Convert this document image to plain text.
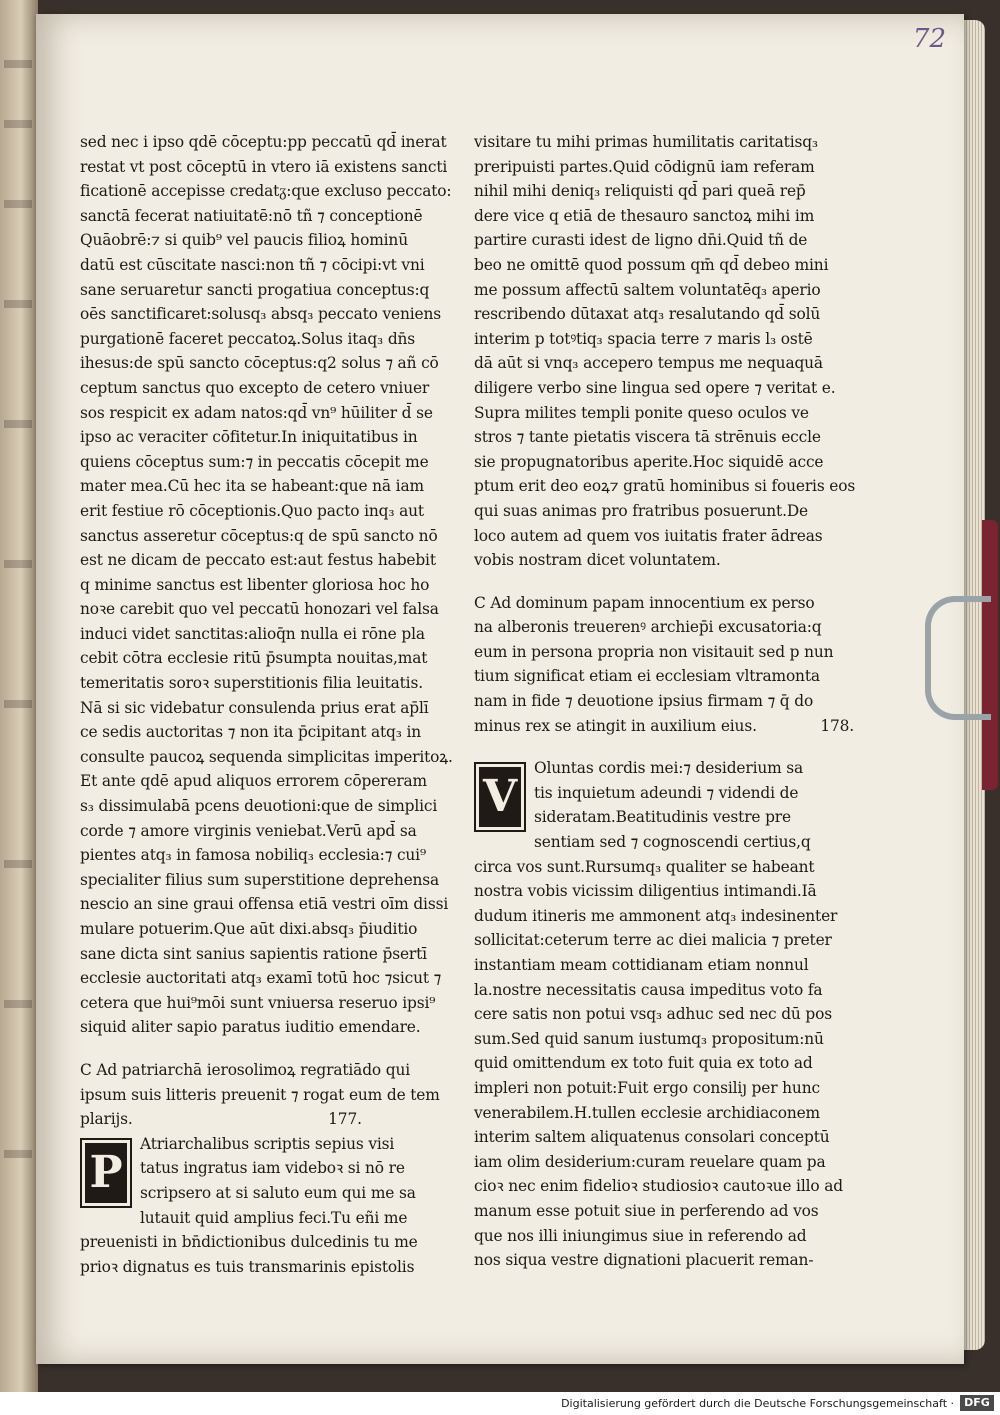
72
sed nec i ipso qdē cōceptu:pp peccatū qd̄ inerat
restat vt post cōceptū in vtero iā existens sancti
ficationē accepisse credatᵹ:que excluso peccato:
sanctā fecerat natiuitatē:nō tñ ⁊ conceptionē
Quāobrē:⁊ si quib⁹ vel paucis filioꝝ hominū
datū est cūscitate nasci:non tñ ⁊ cōcipi:vt vni
sane seruaretur sancti progatiua conceptus:q
oēs sanctificaret:solusq₃ absq₃ peccato veniens
purgationē faceret peccatoꝝ.Solus itaq₃ dn̄s
ihesus:de spū sancto cōceptus:q2 solus ⁊ añ cō
ceptum sanctus quo excepto de cetero vniuer
sos respicit ex adam natos:qd̄ vn⁹ hūiliter d̄ se
ipso ac veraciter cōfitetur.In iniquitatibus in
quiens cōceptus sum:⁊ in peccatis cōcepit me
mater mea.Cū hec ita se habeant:que nā iam
erit festiue rō cōceptionis.Quo pacto inq₃ aut
sanctus asseretur cōceptus:q de spū sancto nō
est ne dicam de peccato est:aut festus habebit
q minime sanctus est libenter gloriosa hoc ho
noꝛe carebit quo vel peccatū honozari vel falsa
induci videt sanctitas:alioq̄n nulla ei rōne pla
cebit cōtra ecclesie ritū p̄sumpta nouitas,mat
temeritatis soroꝛ superstitionis filia leuitatis.
Nā si sic videbatur consulenda prius erat ap̄lī
ce sedis auctoritas ⁊ non ita p̄cipitant atq₃ in
consulte paucoꝝ sequenda simplicitas imperitoꝝ.
Et ante qdē apud aliquos errorem cōpereram
s₃ dissimulabā pcens deuotioni:que de simplici
corde ⁊ amore virginis veniebat.Verū apd̄ sa
pientes atq₃ in famosa nobiliq₃ ecclesia:⁊ cui⁹
specialiter filius sum superstitione deprehensa
nescio an sine graui offensa etiā vestri oīm dissi
mulare potuerim.Que aūt dixi.absq₃ p̄iuditio
sane dicta sint sanius sapientis ratione p̄sertī
ecclesie auctoritati atq₃ examī totū hoc ⁊sicut ⁊
cetera que hui⁹mōi sunt vniuersa reseruo ipsi⁹
siquid aliter sapio paratus iuditio emendare.
C Ad patriarchā ierosolimoꝝ regratiādo qui
ipsum suis litteris preuenit ⁊ rogat eum de tem
plarijs.	177.
P
Atriarchalibus scriptis sepius visi
tatus ingratus iam videboꝛ si nō re
scripsero at si saluto eum qui me sa
lutauit quid amplius feci.Tu eñi me
preuenisti in bn̄dictionibus dulcedinis tu me
prioꝛ dignatus es tuis transmarinis epistolis
visitare tu mihi primas humilitatis caritatisq₃
preripuisti partes.Quid cōdignū iam referam
nihil mihi deniq₃ reliquisti qd̄ pari queā rep̄
dere vice q etiā de thesauro sanctoꝝ mihi im
partire curasti idest de ligno dn̄i.Quid tñ de
beo ne omittē quod possum qm̄ qd̄ debeo mini
me possum affectū saltem voluntatēq₃ aperio
rescribendo dūtaxat atq₃ resalutando qd̄ solū
interim p totꝰtiq₃ spacia terre ⁊ maris l₃ ostē
dā aūt si vnq₃ accepero tempus me nequaquā
diligere verbo sine lingua sed opere ⁊ veritat e.
Supra milites templi ponite queso oculos ve
stros ⁊ tante pietatis viscera tā strēnuis eccle
sie propugnatoribus aperite.Hoc siquidē acce
ptum erit deo eoꝝ⁊ gratū hominibus si foueris eos
qui suas animas pro fratribus posuerunt.De
loco autem ad quem vos iuitatis frater ādreas
vobis nostram dicet voluntatem.
C Ad dominum papam innocentium ex perso
na alberonis treuerenꝰ archiep̄i excusatoria:q
eum in persona propria non visitauit sed p nun
tium significat etiam ei ecclesiam vltramonta
nam in fide ⁊ deuotione ipsius firmam ⁊ q̄ do
minus rex se atingit in auxilium eius.	178.
V
Oluntas cordis mei:⁊ desiderium sa
tis inquietum adeundi ⁊ videndi de
sideratam.Beatitudinis vestre pre
sentiam sed ⁊ cognoscendi certius,q
circa vos sunt.Rursumq₃ qualiter se habeant
nostra vobis vicissim diligentius intimandi.Iā
dudum itineris me ammonent atq₃ indesinenter
sollicitat:ceterum terre ac diei malicia ⁊ preter
instantiam meam cottidianam etiam nonnul
la.nostre necessitatis causa impeditus voto fa
cere satis non potui vsq₃ adhuc sed nec dū pos
sum.Sed quid sanum iustumq₃ propositum:nū
quid omittendum ex toto fuit quia ex toto ad
impleri non potuit:Fuit ergo consiliȷ per hunc
venerabilem.H.tullen ecclesie archidiaconem
interim saltem aliquatenus consolari conceptū
iam olim desiderium:curam reuelare quam pa
cioꝛ nec enim fidelioꝛ studiosioꝛ cautoꝛue illo ad
manum esse potuit siue in perferendo ad vos
que nos illi iniungimus siue in referendo ad
nos siqua vestre dignationi placuerit reman-
Digitalisierung gefördert durch die Deutsche Forschungsgemeinschaft · DFG
